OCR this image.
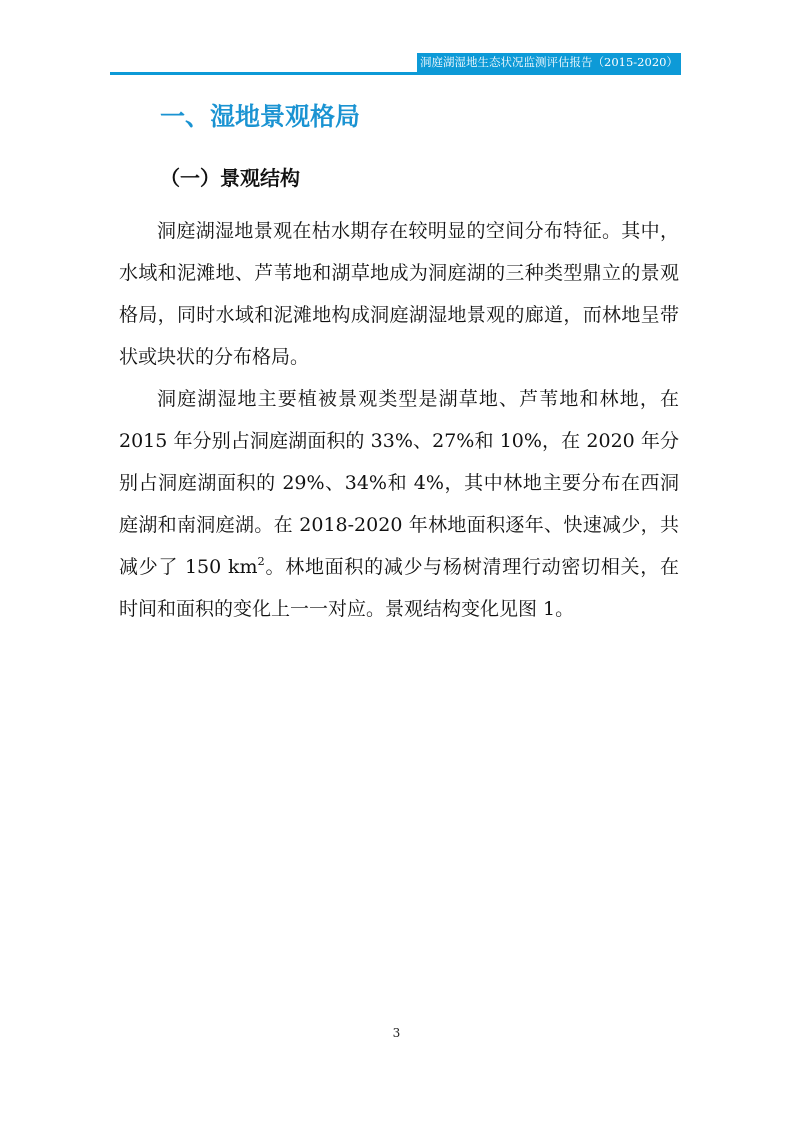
洞庭湖湿地生态状况监测评估报告（2015-2020）
一、湿地景观格局
（一）景观结构

洞庭湖湿地景观在枯水期存在较明显的空间分布特征。其中，水域和泥滩地、芦苇地和湖草地成为洞庭湖的三种类型鼎立的景观格局，同时水域和泥滩地构成洞庭湖湿地景观的廊道，而林地呈带状或块状的分布格局。

洞庭湖湿地主要植被景观类型是湖草地、芦苇地和林地，在 2015 年分别占洞庭湖面积的 33%、27%和 10%，在 2020 年分别占洞庭湖面积的 29%、34%和 4%，其中林地主要分布在西洞庭湖和南洞庭湖。在 2018-2020 年林地面积逐年、快速减少，共减少了 150 $km^2$。林地面积的减少与杨树清理行动密切相关，在时间和面积的变化上一一对应。景观结构变化见图 1。

3
